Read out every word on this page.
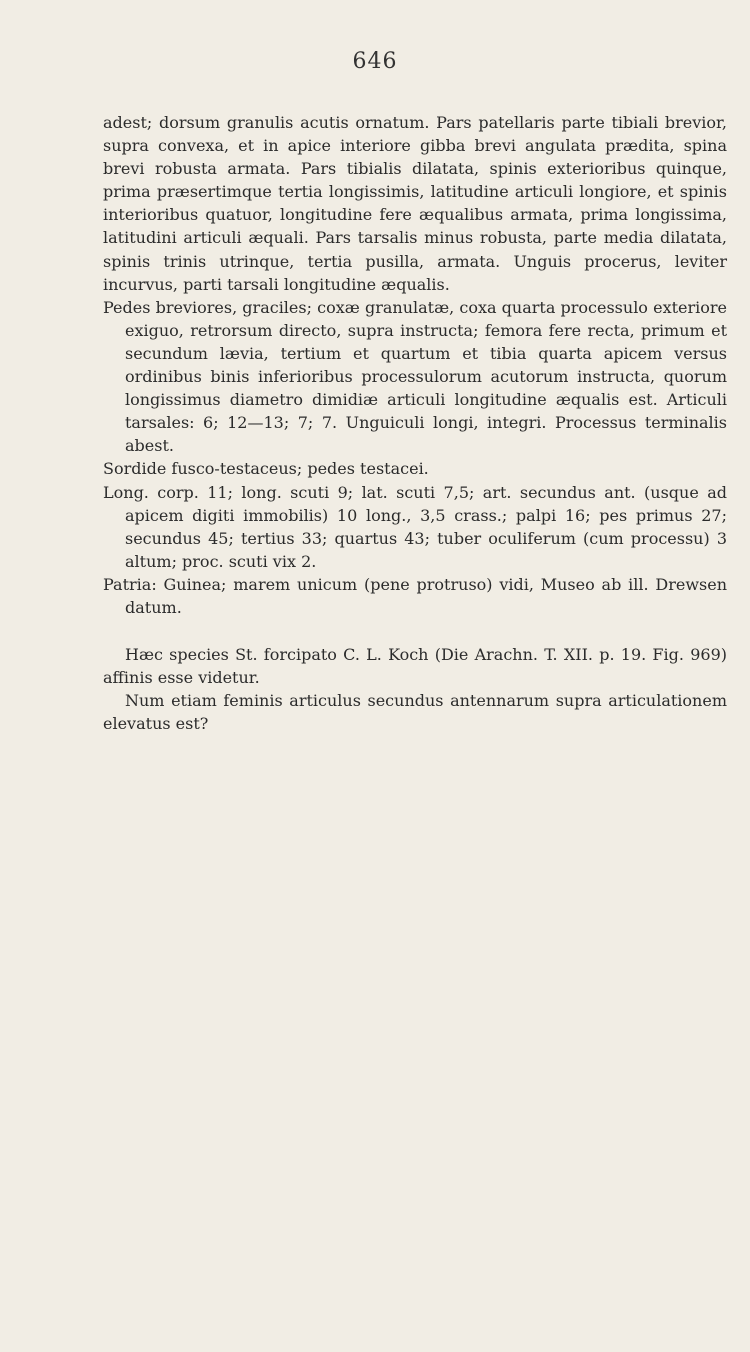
646

adest; dorsum granulis acutis ornatum. Pars patellaris parte tibiali brevior, supra convexa, et in apice interiore gibba brevi angulata prædita, spina brevi robusta armata. Pars tibialis dilatata, spinis exterioribus quinque, prima præsertimque tertia longissimis, latitudine articuli longiore, et spinis interioribus quatuor, longitudine fere æqualibus armata, prima longissima, latitudini articuli æquali. Pars tarsalis minus robusta, parte media dilatata, spinis trinis utrinque, tertia pusilla, armata. Unguis procerus, leviter incurvus, parti tarsali longitudine æqualis.

Pedes breviores, graciles; coxæ granulatæ, coxa quarta processulo exteriore exiguo, retrorsum directo, supra instructa; femora fere recta, primum et secundum lævia, tertium et quartum et tibia quarta apicem versus ordinibus binis inferioribus processulorum acutorum instructa, quorum longissimus diametro dimidiæ articuli longitudine æqualis est. Articuli tarsales: 6; 12—13; 7; 7. Unguiculi longi, integri. Processus terminalis abest.

Sordide fusco-testaceus; pedes testacei.

Long. corp. 11; long. scuti 9; lat. scuti 7,5; art. secundus ant. (usque ad apicem digiti immobilis) 10 long., 3,5 crass.; palpi 16; pes primus 27; secundus 45; tertius 33; quartus 43; tuber oculiferum (cum processu) 3 altum; proc. scuti vix 2.

Patria: Guinea; marem unicum (pene protruso) vidi, Museo ab ill. Drewsen datum.

Hæc species St. forcipato C. L. Koch (Die Arachn. T. XII. p. 19. Fig. 969) affinis esse videtur.

Num etiam feminis articulus secundus antennarum supra articulationem elevatus est?
